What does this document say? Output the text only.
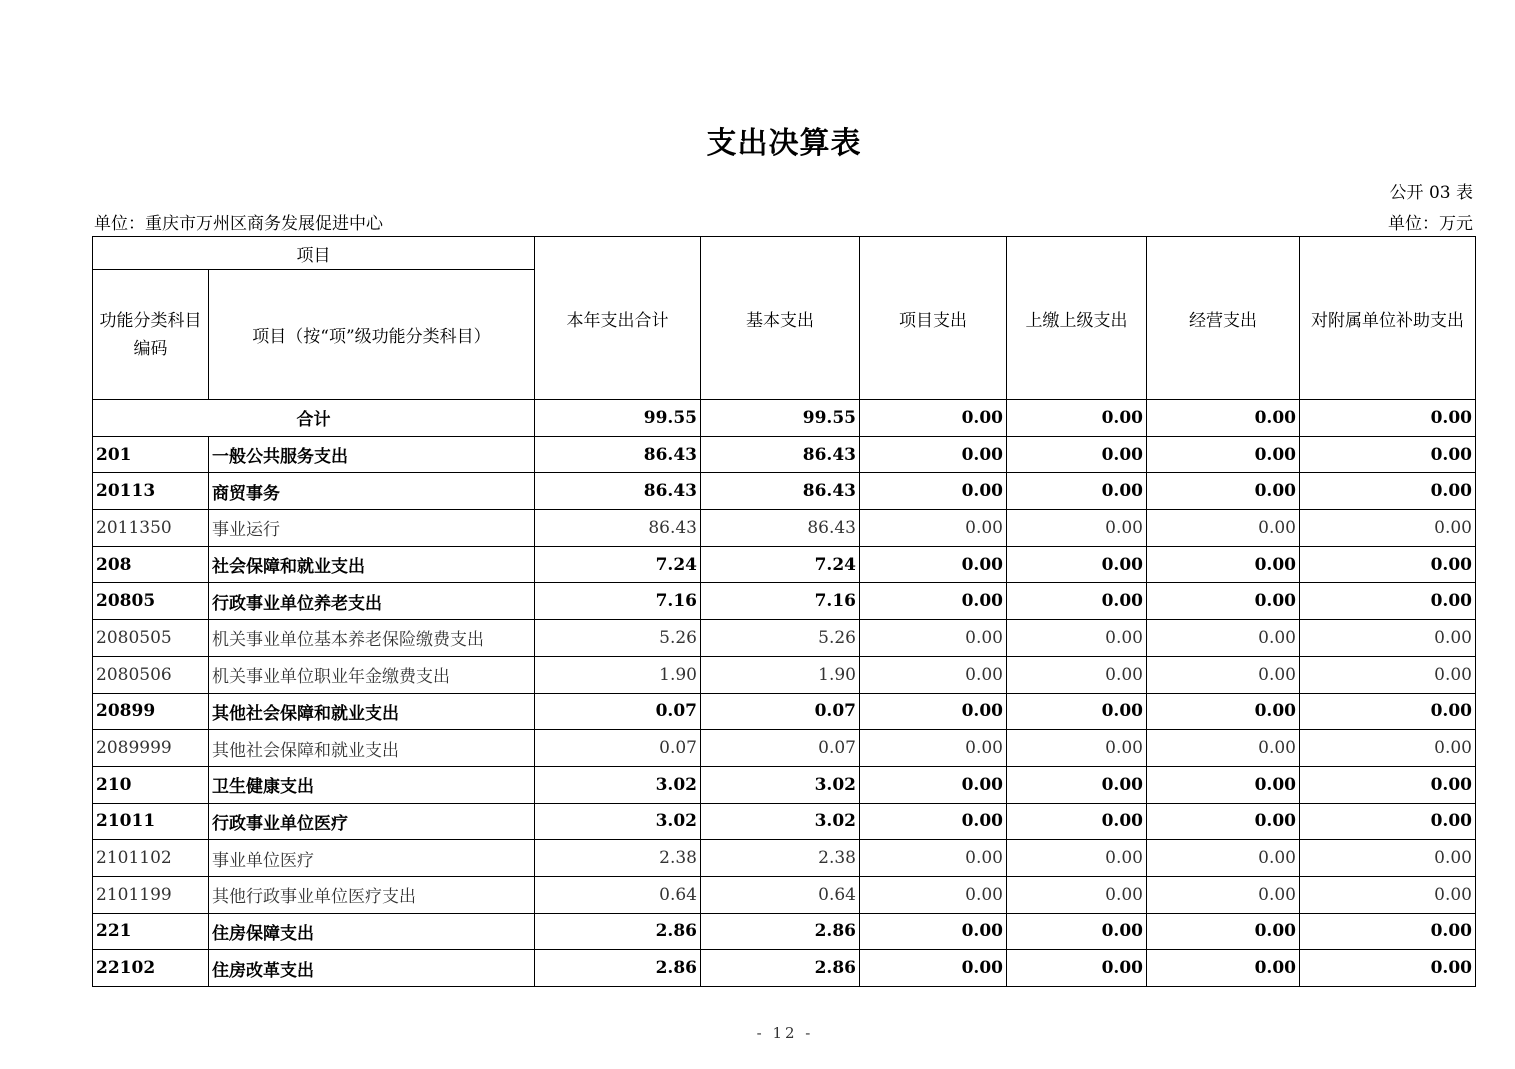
支出决算表
公开 03 表
单位：重庆市万州区商务发展促进中心	单位：万元
项目		本年支出合计	基本支出	项目支出	上缴上级支出	经营支出	对附属单位补助支出
功能分类科目编码	项目（按“项”级功能分类科目）						
合计		99.55	99.55	0.00	0.00	0.00	0.00
201	一般公共服务支出	86.43	86.43	0.00	0.00	0.00	0.00
20113	商贸事务	86.43	86.43	0.00	0.00	0.00	0.00
2011350	事业运行	86.43	86.43	0.00	0.00	0.00	0.00
208	社会保障和就业支出	7.24	7.24	0.00	0.00	0.00	0.00
20805	行政事业单位养老支出	7.16	7.16	0.00	0.00	0.00	0.00
2080505	机关事业单位基本养老保险缴费支出	5.26	5.26	0.00	0.00	0.00	0.00
2080506	机关事业单位职业年金缴费支出	1.90	1.90	0.00	0.00	0.00	0.00
20899	其他社会保障和就业支出	0.07	0.07	0.00	0.00	0.00	0.00
2089999	其他社会保障和就业支出	0.07	0.07	0.00	0.00	0.00	0.00
210	卫生健康支出	3.02	3.02	0.00	0.00	0.00	0.00
21011	行政事业单位医疗	3.02	3.02	0.00	0.00	0.00	0.00
2101102	事业单位医疗	2.38	2.38	0.00	0.00	0.00	0.00
2101199	其他行政事业单位医疗支出	0.64	0.64	0.00	0.00	0.00	0.00
221	住房保障支出	2.86	2.86	0.00	0.00	0.00	0.00
22102	住房改革支出	2.86	2.86	0.00	0.00	0.00	0.00
- 12 -
